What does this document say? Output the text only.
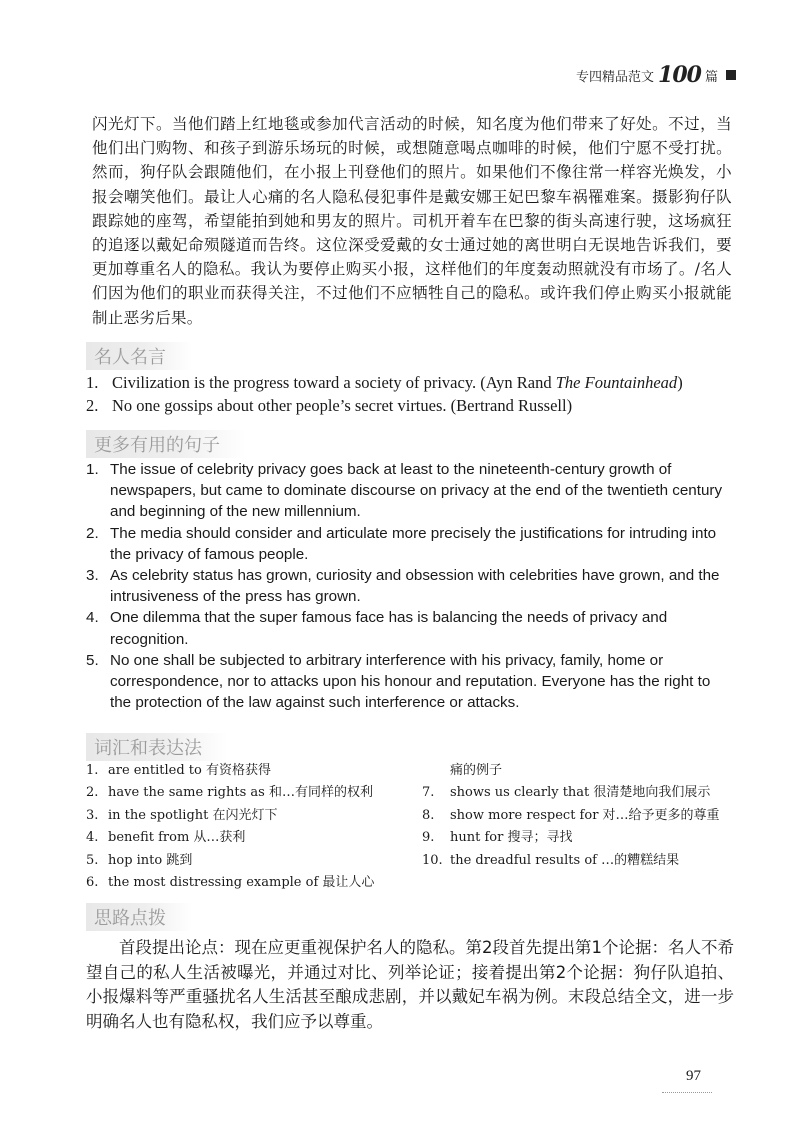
专四精品范文 100 篇

闪光灯下。当他们踏上红地毯或参加代言活动的时候，知名度为他们带来了好处。不过，当他们出门购物、和孩子到游乐场玩的时候，或想随意喝点咖啡的时候，他们宁愿不受打扰。然而，狗仔队会跟随他们，在小报上刊登他们的照片。如果他们不像往常一样容光焕发，小报会嘲笑他们。最让人心痛的名人隐私侵犯事件是戴安娜王妃巴黎车祸罹难案。摄影狗仔队跟踪她的座驾，希望能拍到她和男友的照片。司机开着车在巴黎的街头高速行驶，这场疯狂的追逐以戴妃命殒隧道而告终。这位深受爱戴的女士通过她的离世明白无误地告诉我们，要更加尊重名人的隐私。我认为要停止购买小报，这样他们的年度轰动照就没有市场了。/名人们因为他们的职业而获得关注，不过他们不应牺牲自己的隐私。或许我们停止购买小报就能制止恶劣后果。

名人名言
1. Civilization is the progress toward a society of privacy. (Ayn Rand The Fountainhead)
2. No one gossips about other people’s secret virtues. (Bertrand Russell)
更多有用的句子
1. The issue of celebrity privacy goes back at least to the nineteenth-century growth of newspapers, but came to dominate discourse on privacy at the end of the twentieth century and beginning of the new millennium.
2. The media should consider and articulate more precisely the justifications for intruding into the privacy of famous people.
3. As celebrity status has grown, curiosity and obsession with celebrities have grown, and the intrusiveness of the press has grown.
4. One dilemma that the super famous face has is balancing the needs of privacy and recognition.
5. No one shall be subjected to arbitrary interference with his privacy, family, home or correspondence, nor to attacks upon his honour and reputation. Everyone has the right to the protection of the law against such interference or attacks.
词汇和表达法
1. are entitled to 有资格获得
2. have the same rights as 和…有同样的权利
3. in the spotlight 在闪光灯下
4. benefit from 从…获利
5. hop into 跳到
6. the most distressing example of 最让人心
痛的例子
7.	shows us clearly that 很清楚地向我们展示
8.	show more respect for 对…给予更多的尊重
9.	hunt for 搜寻；寻找
10. the dreadful results of …的糟糕结果
思路点拨

首段提出论点：现在应更重视保护名人的隐私。第2段首先提出第1个论据：名人不希望自己的私人生活被曝光，并通过对比、列举论证；接着提出第2个论据：狗仔队追拍、小报爆料等严重骚扰名人生活甚至酿成悲剧，并以戴妃车祸为例。末段总结全文，进一步明确名人也有隐私权，我们应予以尊重。

97
